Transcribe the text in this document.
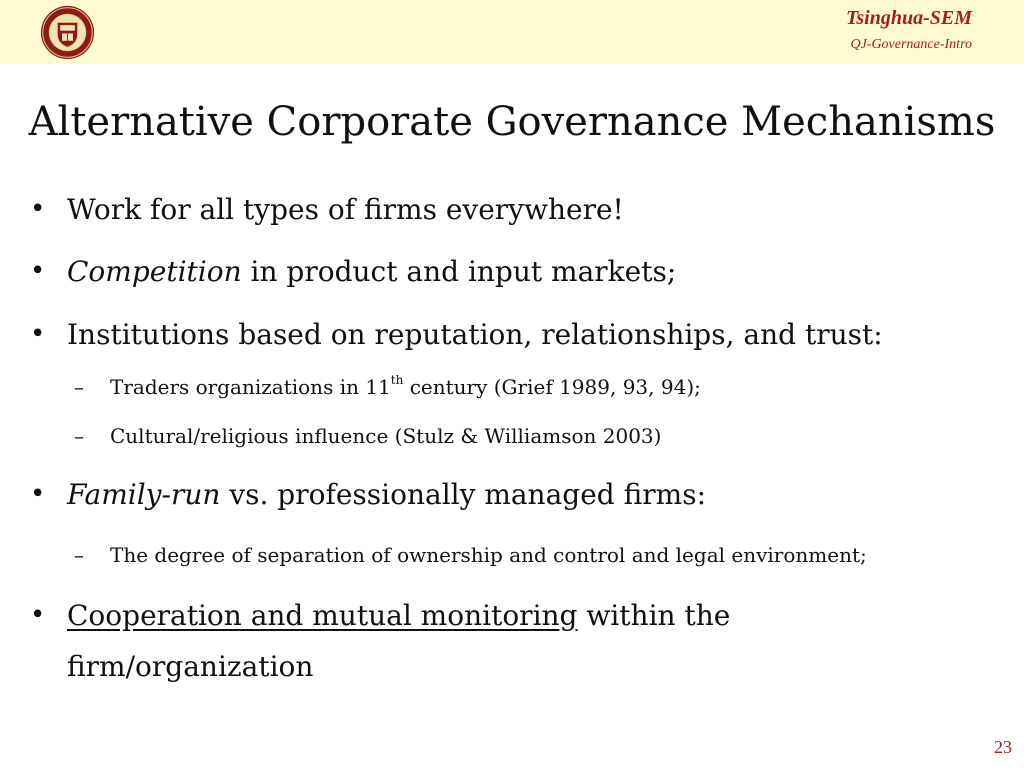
Tsinghua-SEM
QJ-Governance-Intro
Alternative Corporate Governance Mechanisms
• Work for all types of firms everywhere!
• Competition in product and input markets;
• Institutions based on reputation, relationships, and trust:
– Traders organizations in 11th century (Grief 1989, 93, 94);
– Cultural/religious influence (Stulz & Williamson 2003)
• Family-run vs. professionally managed firms:
– The degree of separation of ownership and control and legal environment;
• Cooperation and mutual monitoring within the firm/organization
23
